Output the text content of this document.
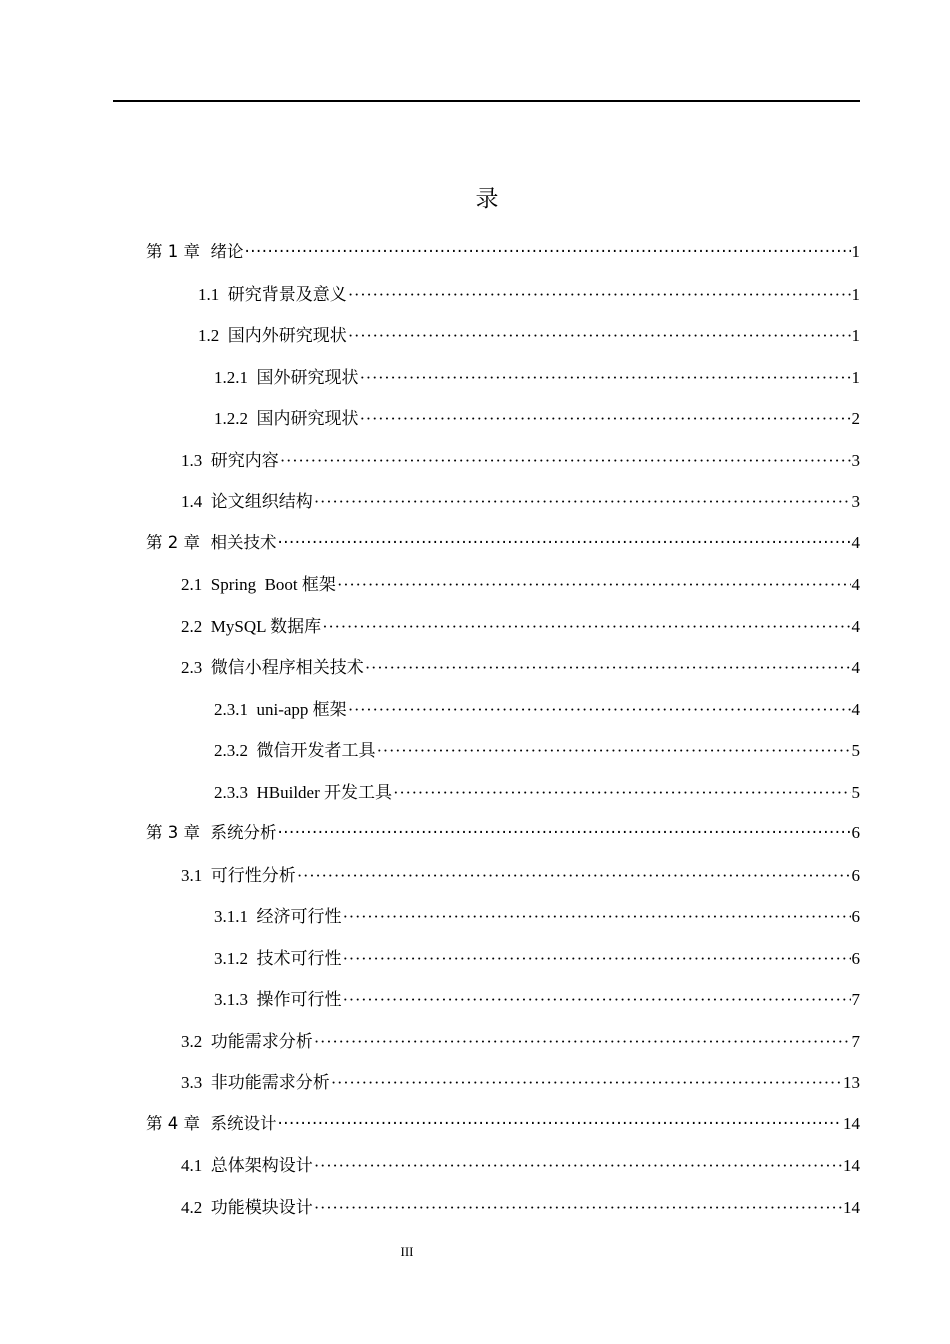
录
第 1 章  绪论 ·····	1
1.1  研究背景及意义 ·····	1
1.2  国内外研究现状 ·····	1
1.2.1  国外研究现状 ·····	1
1.2.2  国内研究现状 ·····	2
1.3  研究内容 ·····	3
1.4  论文组织结构 ·····	3
第 2 章  相关技术 ·····	4
2.1  Spring  Boot 框架 ·····	4
2.2  MySQL 数据库 ·····	4
2.3  微信小程序相关技术 ·····	4
2.3.1  uni-app 框架 ·····	4
2.3.2  微信开发者工具 ·····	5
2.3.3  HBuilder 开发工具 ·····	5
第 3 章  系统分析 ·····	6
3.1  可行性分析 ·····	6
3.1.1  经济可行性 ·····	6
3.1.2  技术可行性 ·····	6
3.1.3  操作可行性 ·····	7
3.2  功能需求分析 ·····	7
3.3  非功能需求分析 ·····	13
第 4 章  系统设计 ·····	14
4.1  总体架构设计 ·····	14
4.2  功能模块设计 ·····	14
III
